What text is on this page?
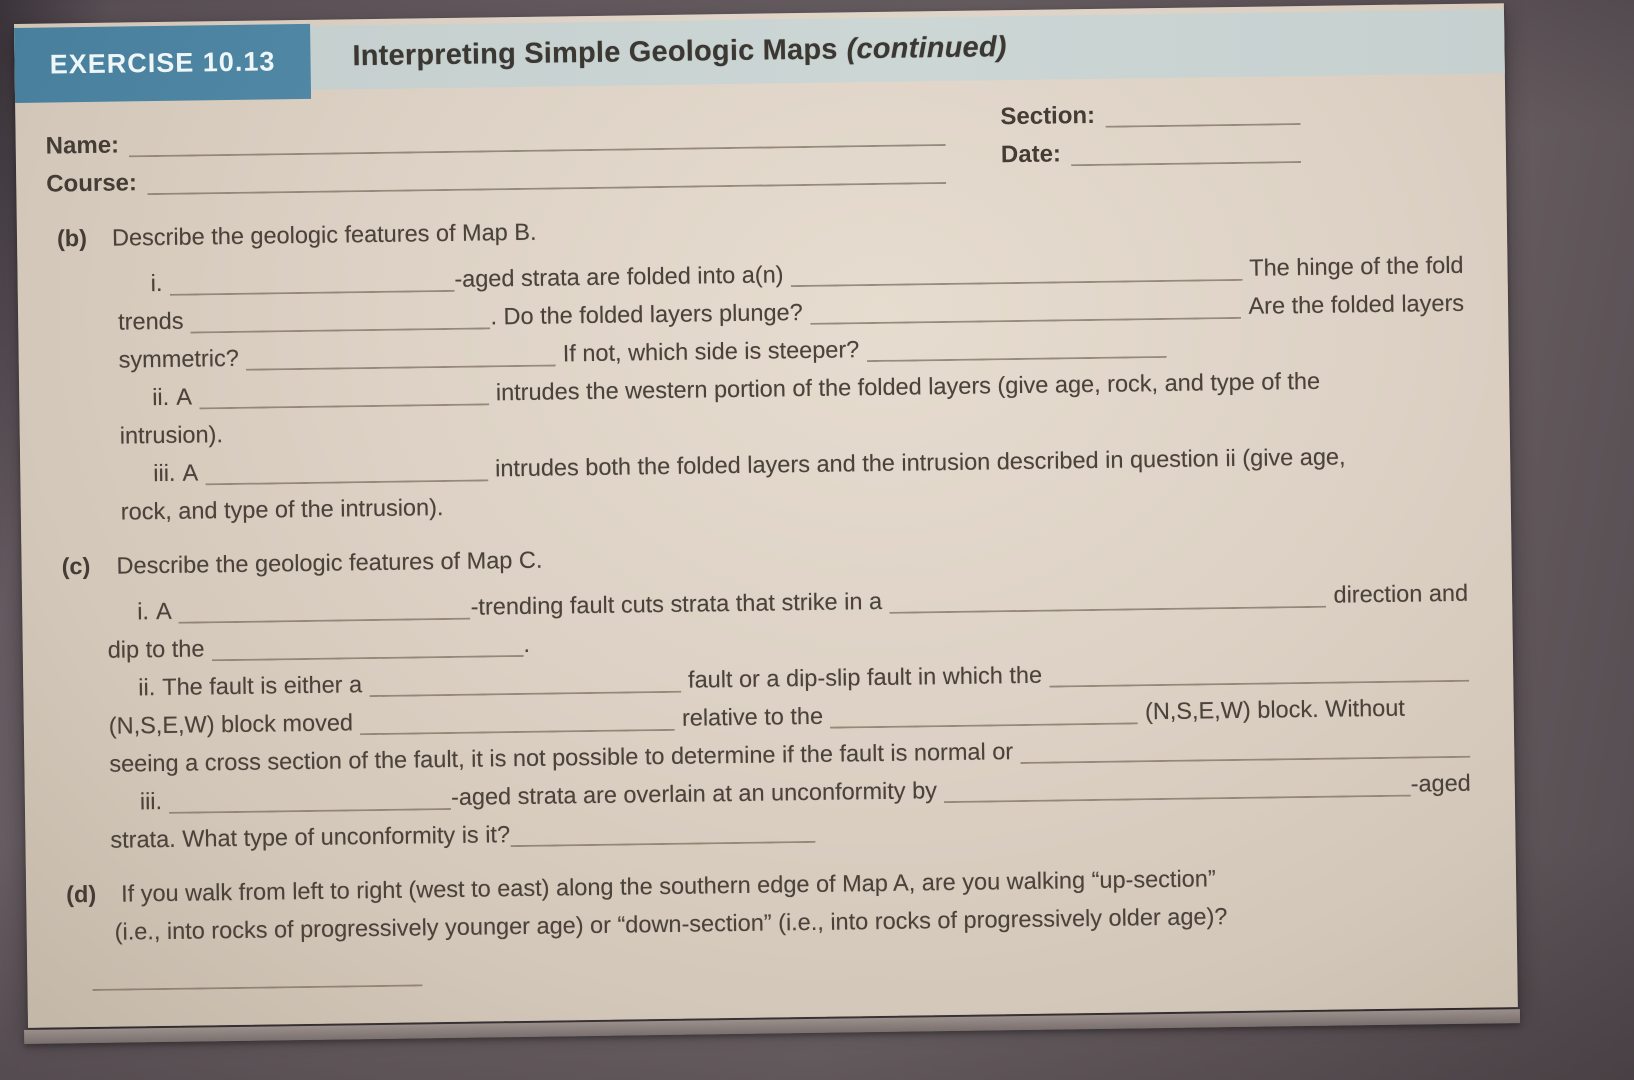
EXERCISE 10.13	Interpreting Simple Geologic Maps (continued)
Name:
Course:
Section:
Date:
(b)	Describe the geologic features of Map B.
i.	-aged strata are folded into a(n)	The hinge of the fold
trends	. Do the folded layers plunge?	Are the folded layers
symmetric?	If not, which side is steeper?
ii. A	intrudes the western portion of the folded layers (give age, rock, and type of the
intrusion).
iii. A	intrudes both the folded layers and the intrusion described in question ii (give age,
rock, and type of the intrusion).
(c)	Describe the geologic features of Map C.
i. A	-trending fault cuts strata that strike in a	direction and
dip to the	.
ii. The fault is either a	fault or a dip-slip fault in which the
(N,S,E,W) block moved	relative to the	(N,S,E,W) block. Without
seeing a cross section of the fault, it is not possible to determine if the fault is normal or
iii.	-aged strata are overlain at an unconformity by	-aged
strata. What type of unconformity is it?
(d)	If you walk from left to right (west to east) along the southern edge of Map A, are you walking “up-section”
(i.e., into rocks of progressively younger age) or “down-section” (i.e., into rocks of progressively older age)?
